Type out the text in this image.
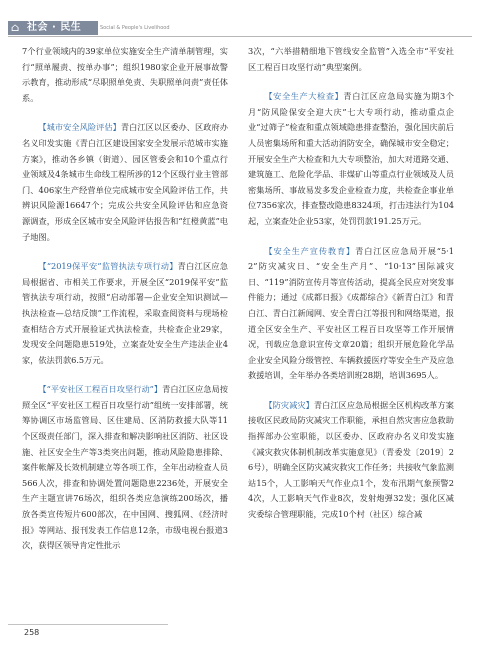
⌂ 社会 · 民生	Social & People's Livelihood

7个行业领域内的39家单位实施安全生产清单制管理，实行“照单履责、按单办事”；组织1980家企业开展事故警示教育，推动形成“尽职照单免责、失职照单问责”责任体系。

【城市安全风险评估】青白江区以区委办、区政府办名义印发实施《青白江区建设国家安全发展示范城市实施方案》，推动各乡镇（街道）、园区管委会和10个重点行业领域及4条城市生命线工程所涉的12个区级行业主管部门、406家生产经营单位完成城市安全风险评估工作，共辨识风险源16647个；完成公共安全风险评估和应急资源调查，形成全区城市安全风险评估报告和“红橙黄蓝”电子地图。

【“2019保平安”监管执法专项行动】青白江区应急局根据省、市相关工作要求，开展全区“2019保平安”监管执法专项行动，按照“启动部署—企业安全知识测试—执法检查—总结反馈”工作流程，采取查阅资料与现场检查相结合方式开展验证式执法检查，共检查企业29家，发现安全问题隐患519处，立案查处安全生产违法企业4家，依法罚款6.5万元。

【“平安社区工程百日攻坚行动”】青白江区应急局按照全区“平安社区工程百日攻坚行动”组统一安排部署，统筹协调区市场监管局、区住建局、区消防救援大队等11个区级责任部门，深入排查和解决影响社区消防、社区设施、社区安全生产等3类突出问题，推动风险隐患排除、案件帐解及长效机制建立等各项工作，全年出动检查人员566人次，排查和协调处置问题隐患2236处，开展安全生产主题宣讲76场次，组织各类应急演练200场次，播放各类宣传短片600部次，在中国网、搜狐网、《经济时报》等网站、报刊发表工作信息12条，市级电视台报道3次，获得区领导肯定性批示

3次，“六举措精细地下管线安全监管”入选全市“平安社区工程百日攻坚行动”典型案例。

【安全生产大检查】青白江区应急局实施为期3个月“防风险保安全迎大庆”七大专项行动，推动重点企业“过筛子”检查和重点领域隐患排查整治，强化国庆前后人员密集场所和重大活动消防安全，确保城市安全稳定；开展安全生产大检查和九大专项整治，加大对道路交通、建筑施工、危险化学品、非煤矿山等重点行业领域及人员密集场所、事故易发多发企业检查力度，共检查企事业单位7356家次，排查整改隐患8324项，打击违法行为104起，立案查处企业53家，处罚罚款191.25万元。

【安全生产宣传教育】青白江区应急局开展“5·12”防灾减灾日、“安全生产月”、“10·13”国际减灾日、“119”消防宣传月等宣传活动，提高全民应对突发事件能力；通过《成都日报》《成都综合》《新青白江》和青白江、青白江新闻网、安全青白江等报刊和网络渠道，报道全区安全生产、平安社区工程百日攻坚等工作开展情况，刊载应急意识宣传文章20篇；组织开展危险化学品企业安全风险分级管控、车辆救援医疗等安全生产及应急救援培训，全年举办各类培训班28期，培训3695人。

【防灾减灾】青白江区应急局根据全区机构改革方案接收区民政局防灾减灾工作职能，承担自然灾害应急救助指挥部办公室职能，以区委办、区政府办名义印发实施《减灾救灾体制机制改革实施意见》（青委发〔2019〕26号），明确全区防灾减灾救灾工作任务；共接收气象监测站15个，人工影响天气作业点1个，发布汛期气象预警24次，人工影响天气作业8次，发射炮弹32发；强化区减灾委综合管理职能，完成10个村（社区）综合减

258
